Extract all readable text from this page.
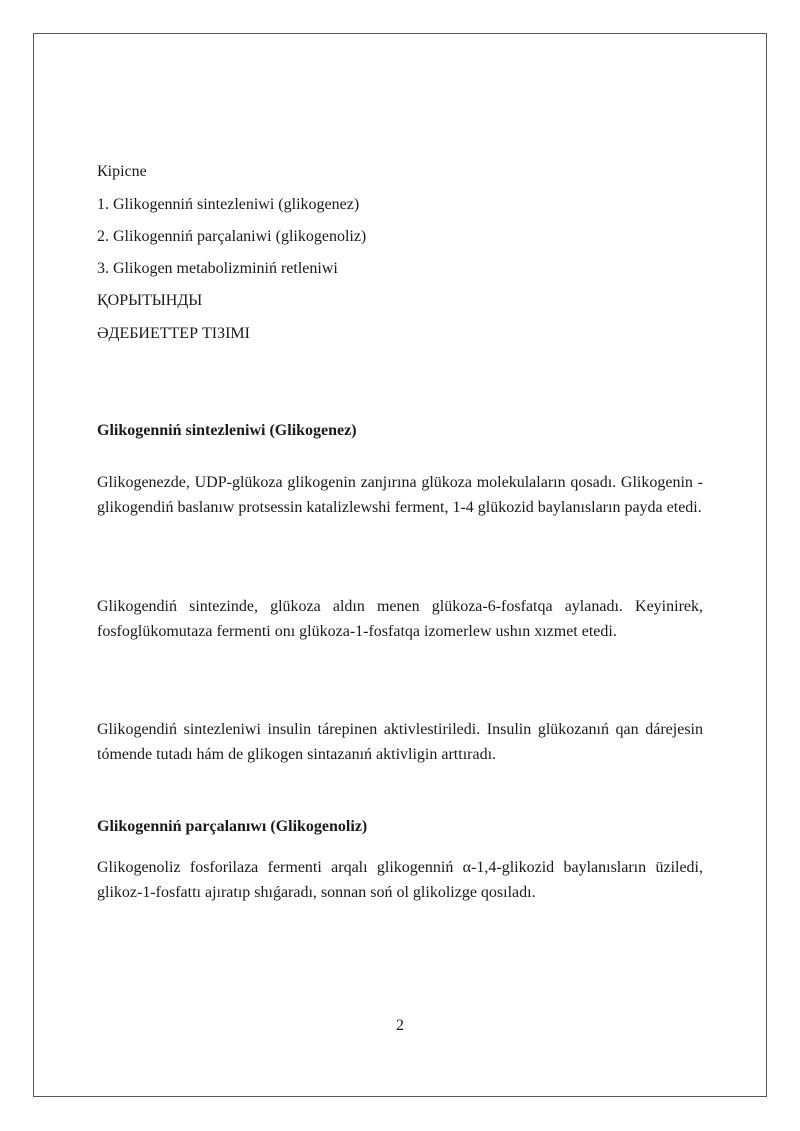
Кірісnе
1. Glikogenniń sintezleniwi (glikogenez)
2. Glikogenniń parçalaniwi (glikogenoliz)
3. Glikogen metabolizminiń retleniwi
ҚОРЫТЫНДЫ
ӘДЕБИЕТТЕР ТІЗІМІ
Glikogenniń sintezleniwi (Glikogenez)
Glikogenezde, UDP-glükoza glikogenin zanjırına glükoza molekulaların qosadı. Glikogenin - glikogendiń baslanıw protsessin katalizlewshi ferment, 1-4 glükozid baylanısların payda etedi.
Glikogendiń sintezinde, glükoza aldın menen glükoza-6-fosfatqa aylanadı. Keyinirek, fosfoglükomutaza fermenti onı glükoza-1-fosfatqa izomerlew ushın xızmet etedi.
Glikogendiń sintezleniwi insulin tárepinen aktivlestiriledi. Insulin glükozanıń qan dárejesin tómende tutadı hám de glikogen sintazanıń aktivligin arttıradı.
Glikogenniń parçalanıwı (Glikogenoliz)
Glikogenoliz fosforilaza fermenti arqalı glikogenniń α-1,4-glikozid baylanısların üziledi, glikoz-1-fosfattı ajıratıp shıǵaradı, sonnan soń ol glikolizge qosıladı.
2
